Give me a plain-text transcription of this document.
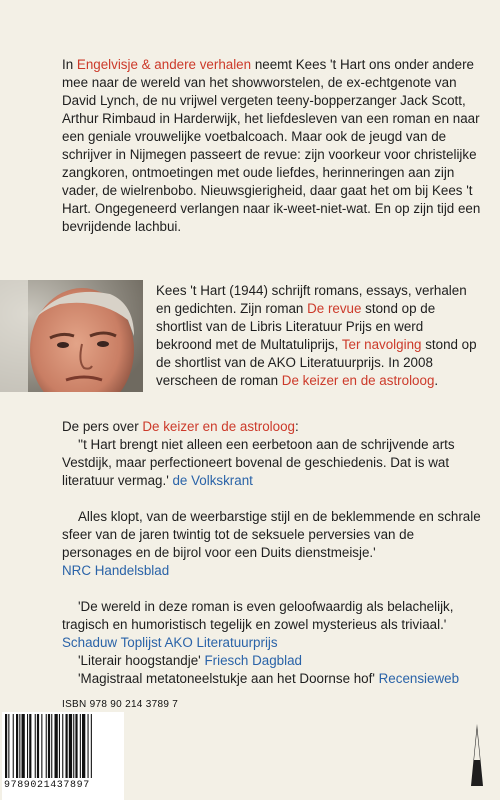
In Engelvisje & andere verhalen neemt Kees 't Hart ons onder andere mee naar de wereld van het showworstelen, de ex-echtgenote van David Lynch, de nu vrijwel vergeten teeny-bopperzanger Jack Scott, Arthur Rimbaud in Harderwijk, het liefdesleven van een roman en naar een geniale vrouwelijke voetbalcoach. Maar ook de jeugd van de schrijver in Nijmegen passeert de revue: zijn voorkeur voor christelijke zangkoren, ontmoetingen met oude liefdes, herinneringen aan zijn vader, de wielrenbobo. Nieuwsgierigheid, daar gaat het om bij Kees 't Hart. Ongegeneerd verlangen naar ik-weet-niet-wat. En op zijn tijd een bevrijdende lachbui.

Kees 't Hart (1944) schrijft romans, essays, verhalen en gedichten. Zijn roman De revue stond op de shortlist van de Libris Literatuur Prijs en werd bekroond met de Multatuliprijs, Ter navolging stond op de shortlist van de AKO Literatuurprijs. In 2008 verscheen de roman De keizer en de astroloog.

De pers over De keizer en de astroloog:

''t Hart brengt niet alleen een eerbetoon aan de schrijvende arts Vestdijk, maar perfectioneert bovenal de geschiedenis. Dat is wat literatuur vermag.' de Volkskrant

Alles klopt, van de weerbarstige stijl en de beklemmende en schrale sfeer van de jaren twintig tot de seksuele perversies van de personages en de bijrol voor een Duits dienstmeisje.'
NRC Handelsblad

'De wereld in deze roman is even geloofwaardig als belachelijk, tragisch en humoristisch tegelijk en zowel mysterieus als triviaal.' Schaduw Toplijst AKO Literatuurprijs

'Literair hoogstandje' Friesch Dagblad

'Magistraal metatoneelstukje aan het Doornse hof' Recensieweb

ISBN 978 90 214 3789 7
9789021437897
